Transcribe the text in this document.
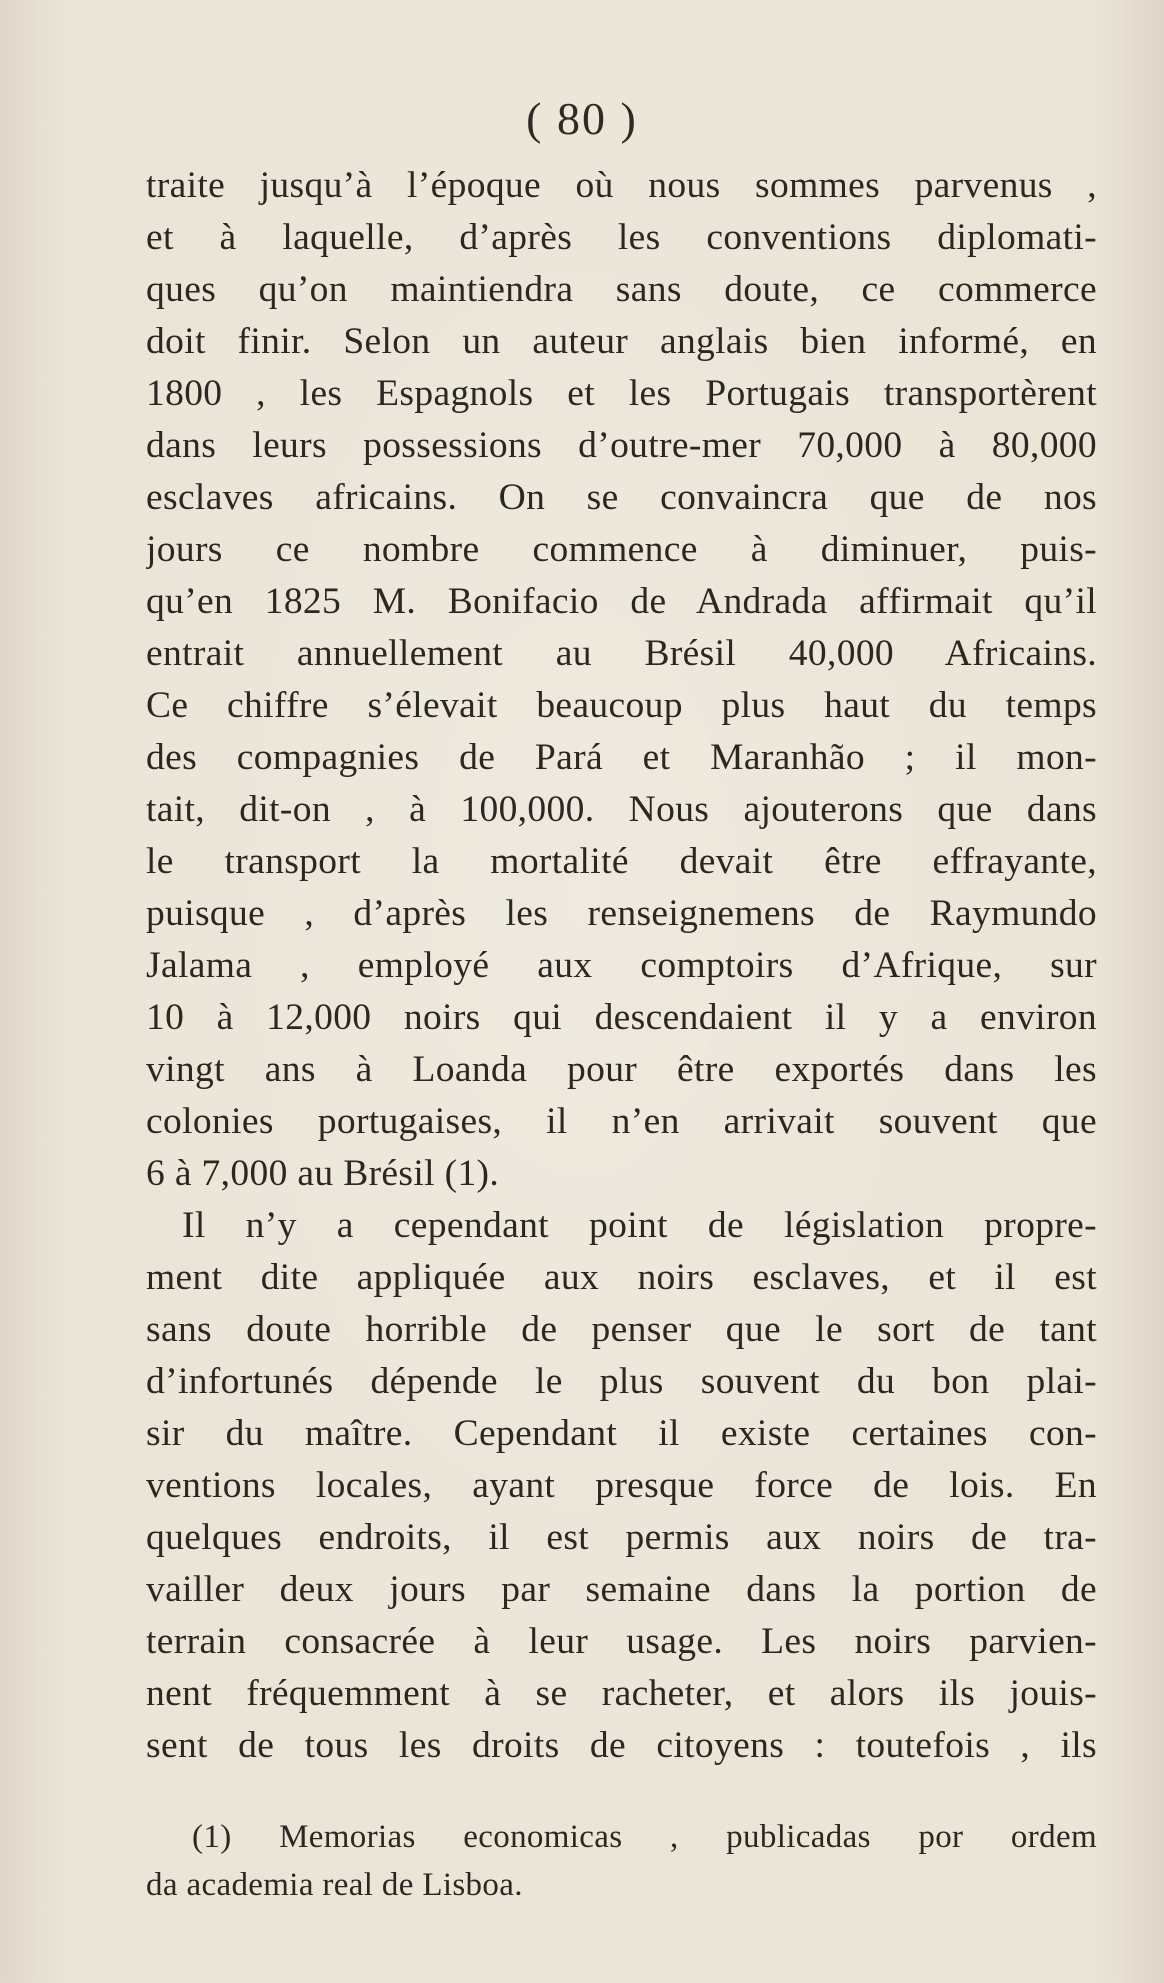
( 80 )
traite jusqu’à l’époque où nous sommes parvenus ,
et à laquelle, d’après les conventions diplomati-
ques qu’on maintiendra sans doute, ce commerce
doit finir. Selon un auteur anglais bien informé, en
1800 , les Espagnols et les Portugais transportèrent
dans leurs possessions d’outre-mer 70,000 à 80,000
esclaves africains. On se convaincra que de nos
jours ce nombre commence à diminuer, puis-
qu’en 1825 M. Bonifacio de Andrada affirmait qu’il
entrait annuellement au Brésil 40,000 Africains.
Ce chiffre s’élevait beaucoup plus haut du temps
des compagnies de Pará et Maranhão ; il mon-
tait, dit-on , à 100,000. Nous ajouterons que dans
le transport la mortalité devait être effrayante,
puisque , d’après les renseignemens de Raymundo
Jalama , employé aux comptoirs d’Afrique, sur
10 à 12,000 noirs qui descendaient il y a environ
vingt ans à Loanda pour être exportés dans les
colonies portugaises, il n’en arrivait souvent que
6 à 7,000 au Brésil (1).
Il n’y a cependant point de législation propre-
ment dite appliquée aux noirs esclaves, et il est
sans doute horrible de penser que le sort de tant
d’infortunés dépende le plus souvent du bon plai-
sir du maître. Cependant il existe certaines con-
ventions locales, ayant presque force de lois. En
quelques endroits, il est permis aux noirs de tra-
vailler deux jours par semaine dans la portion de
terrain consacrée à leur usage. Les noirs parvien-
nent fréquemment à se racheter, et alors ils jouis-
sent de tous les droits de citoyens : toutefois , ils
(1) Memorias economicas , publicadas por ordem
da academia real de Lisboa.
